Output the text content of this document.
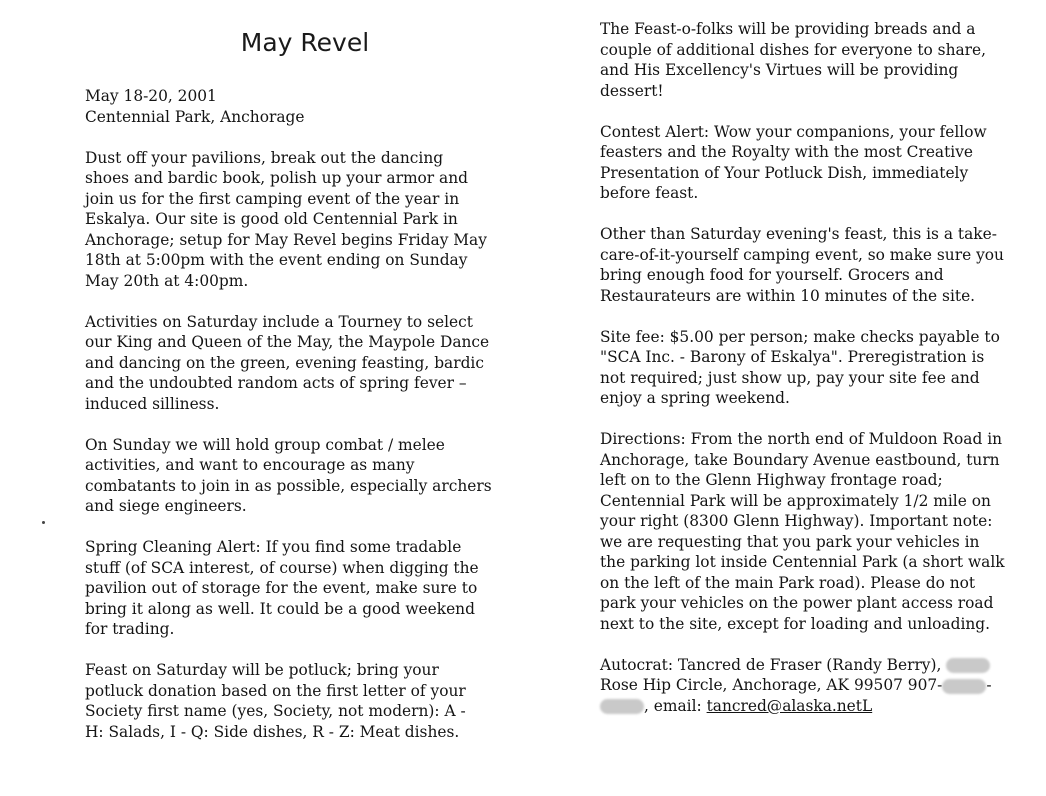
May Revel

May 18-20, 2001

Centennial Park, Anchorage

Dust off your pavilions, break out the dancing

shoes and bardic book, polish up your armor and

join us for the first camping event of the year in

Eskalya. Our site is good old Centennial Park in

Anchorage; setup for May Revel begins Friday May

18th at 5:00pm with the event ending on Sunday

May 20th at 4:00pm.

Activities on Saturday include a Tourney to select

our King and Queen of the May, the Maypole Dance

and dancing on the green, evening feasting, bardic

and the undoubted random acts of spring fever –

induced silliness.

On Sunday we will hold group combat / melee

activities, and want to encourage as many

combatants to join in as possible, especially archers

and siege engineers.

Spring Cleaning Alert: If you find some tradable

stuff (of SCA interest, of course) when digging the

pavilion out of storage for the event, make sure to

bring it along as well. It could be a good weekend

for trading.

Feast on Saturday will be potluck; bring your

potluck donation based on the first letter of your

Society first name (yes, Society, not modern): A -

H: Salads, I - Q: Side dishes, R - Z: Meat dishes.

The Feast-o-folks will be providing breads and a

couple of additional dishes for everyone to share,

and His Excellency's Virtues will be providing

dessert!

Contest Alert: Wow your companions, your fellow

feasters and the Royalty with the most Creative

Presentation of Your Potluck Dish, immediately

before feast.

Other than Saturday evening's feast, this is a take-

care-of-it-yourself camping event, so make sure you

bring enough food for yourself. Grocers and

Restaurateurs are within 10 minutes of the site.

Site fee: $5.00 per person; make checks payable to

"SCA Inc. - Barony of Eskalya". Preregistration is

not required; just show up, pay your site fee and

enjoy a spring weekend.

Directions: From the north end of Muldoon Road in

Anchorage, take Boundary Avenue eastbound, turn

left on to the Glenn Highway frontage road;

Centennial Park will be approximately 1/2 mile on

your right (8300 Glenn Highway). Important note:

we are requesting that you park your vehicles in

the parking lot inside Centennial Park (a short walk

on the left of the main Park road). Please do not

park your vehicles on the power plant access road

next to the site, except for loading and unloading.

Autocrat: Tancred de Fraser (Randy Berry),

Rose Hip Circle, Anchorage, AK 99507 907-	-

, email: tancred@alaska.netL
